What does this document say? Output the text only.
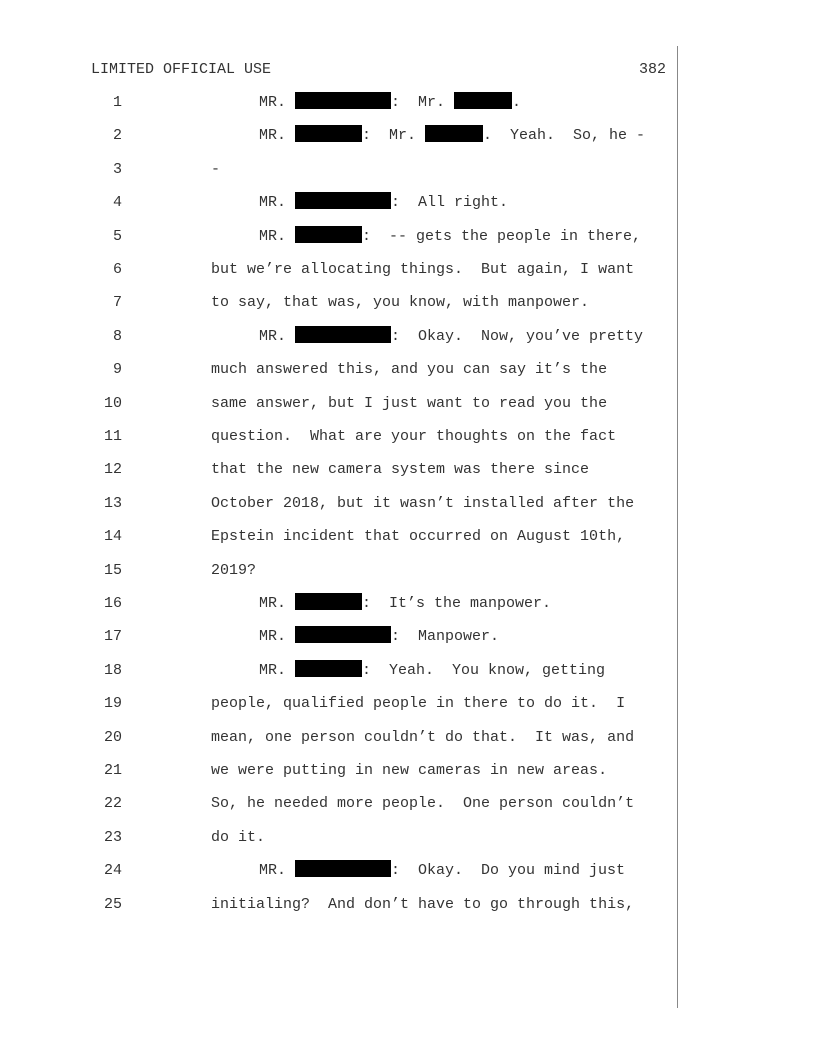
LIMITED OFFICIAL USE	382
1	MR.	:  Mr.	.
2	MR.	:  Mr.	.  Yeah.  So, he -
3	-
4	MR.	:  All right.
5	MR.	:  -- gets the people in there,
6	but we’re allocating things.  But again, I want
7	to say, that was, you know, with manpower.
8	MR.	:  Okay.  Now, you’ve pretty
9	much answered this, and you can say it’s the
10	same answer, but I just want to read you the
11	question.  What are your thoughts on the fact
12	that the new camera system was there since
13	October 2018, but it wasn’t installed after the
14	Epstein incident that occurred on August 10th,
15	2019?
16	MR.	:  It’s the manpower.
17	MR.	:  Manpower.
18	MR.	:  Yeah.  You know, getting
19	people, qualified people in there to do it.  I
20	mean, one person couldn’t do that.  It was, and
21	we were putting in new cameras in new areas.
22	So, he needed more people.  One person couldn’t
23	do it.
24	MR.	:  Okay.  Do you mind just
25	initialing?  And don’t have to go through this,
